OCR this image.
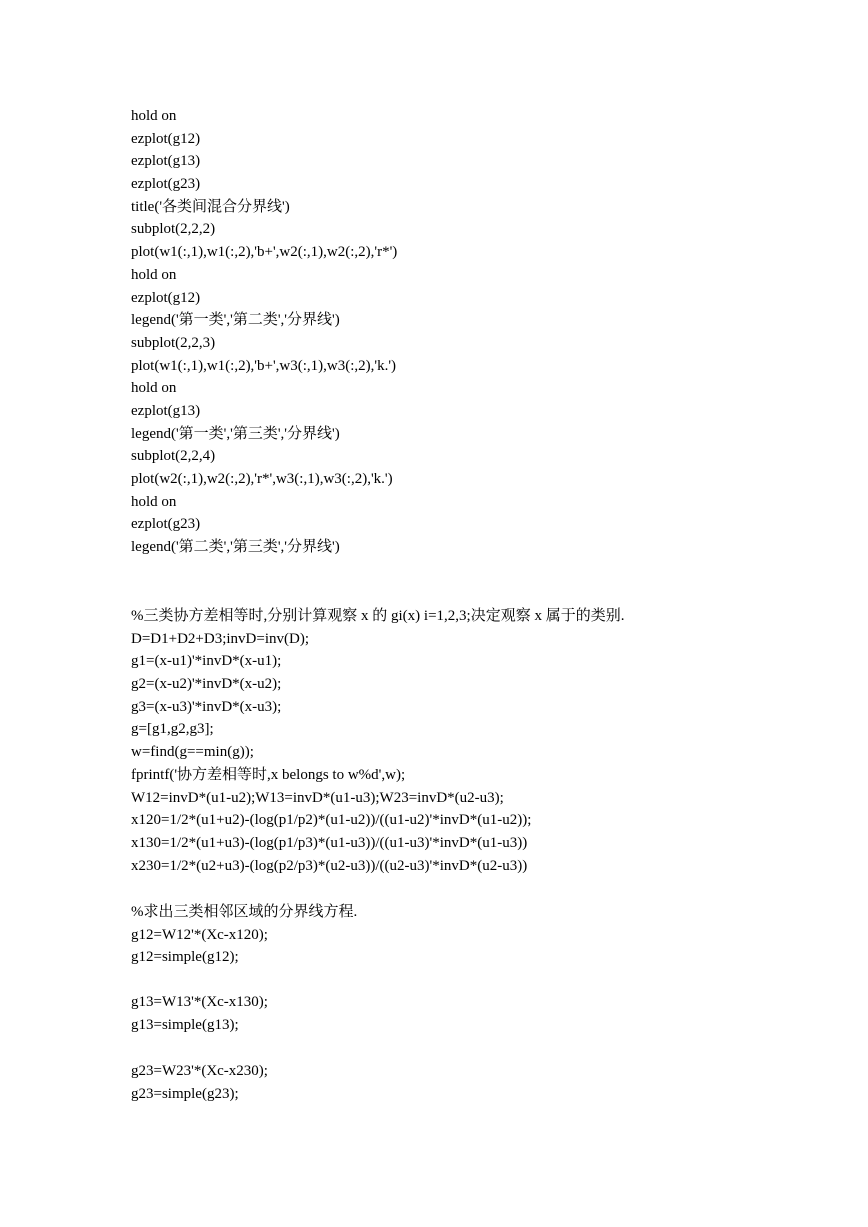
hold on
ezplot(g12)
ezplot(g13)
ezplot(g23)
title('各类间混合分界线')
subplot(2,2,2)
plot(w1(:,1),w1(:,2),'b+',w2(:,1),w2(:,2),'r*')
hold on
ezplot(g12)
legend('第一类','第二类','分界线')
subplot(2,2,3)
plot(w1(:,1),w1(:,2),'b+',w3(:,1),w3(:,2),'k.')
hold on
ezplot(g13)
legend('第一类','第三类','分界线')
subplot(2,2,4)
plot(w2(:,1),w2(:,2),'r*',w3(:,1),w3(:,2),'k.')
hold on
ezplot(g23)
legend('第二类','第三类','分界线')
%三类协方差相等时,分别计算观察 x 的 gi(x) i=1,2,3;决定观察 x 属于的类别.
D=D1+D2+D3;invD=inv(D);
g1=(x-u1)'*invD*(x-u1);
g2=(x-u2)'*invD*(x-u2);
g3=(x-u3)'*invD*(x-u3);
g=[g1,g2,g3];
w=find(g==min(g));
fprintf('协方差相等时,x belongs to w%d',w);
W12=invD*(u1-u2);W13=invD*(u1-u3);W23=invD*(u2-u3);
x120=1/2*(u1+u2)-(log(p1/p2)*(u1-u2))/((u1-u2)'*invD*(u1-u2));
x130=1/2*(u1+u3)-(log(p1/p3)*(u1-u3))/((u1-u3)'*invD*(u1-u3))
x230=1/2*(u2+u3)-(log(p2/p3)*(u2-u3))/((u2-u3)'*invD*(u2-u3))
%求出三类相邻区域的分界线方程.
g12=W12'*(Xc-x120);
g12=simple(g12);
g13=W13'*(Xc-x130);
g13=simple(g13);
g23=W23'*(Xc-x230);
g23=simple(g23);
